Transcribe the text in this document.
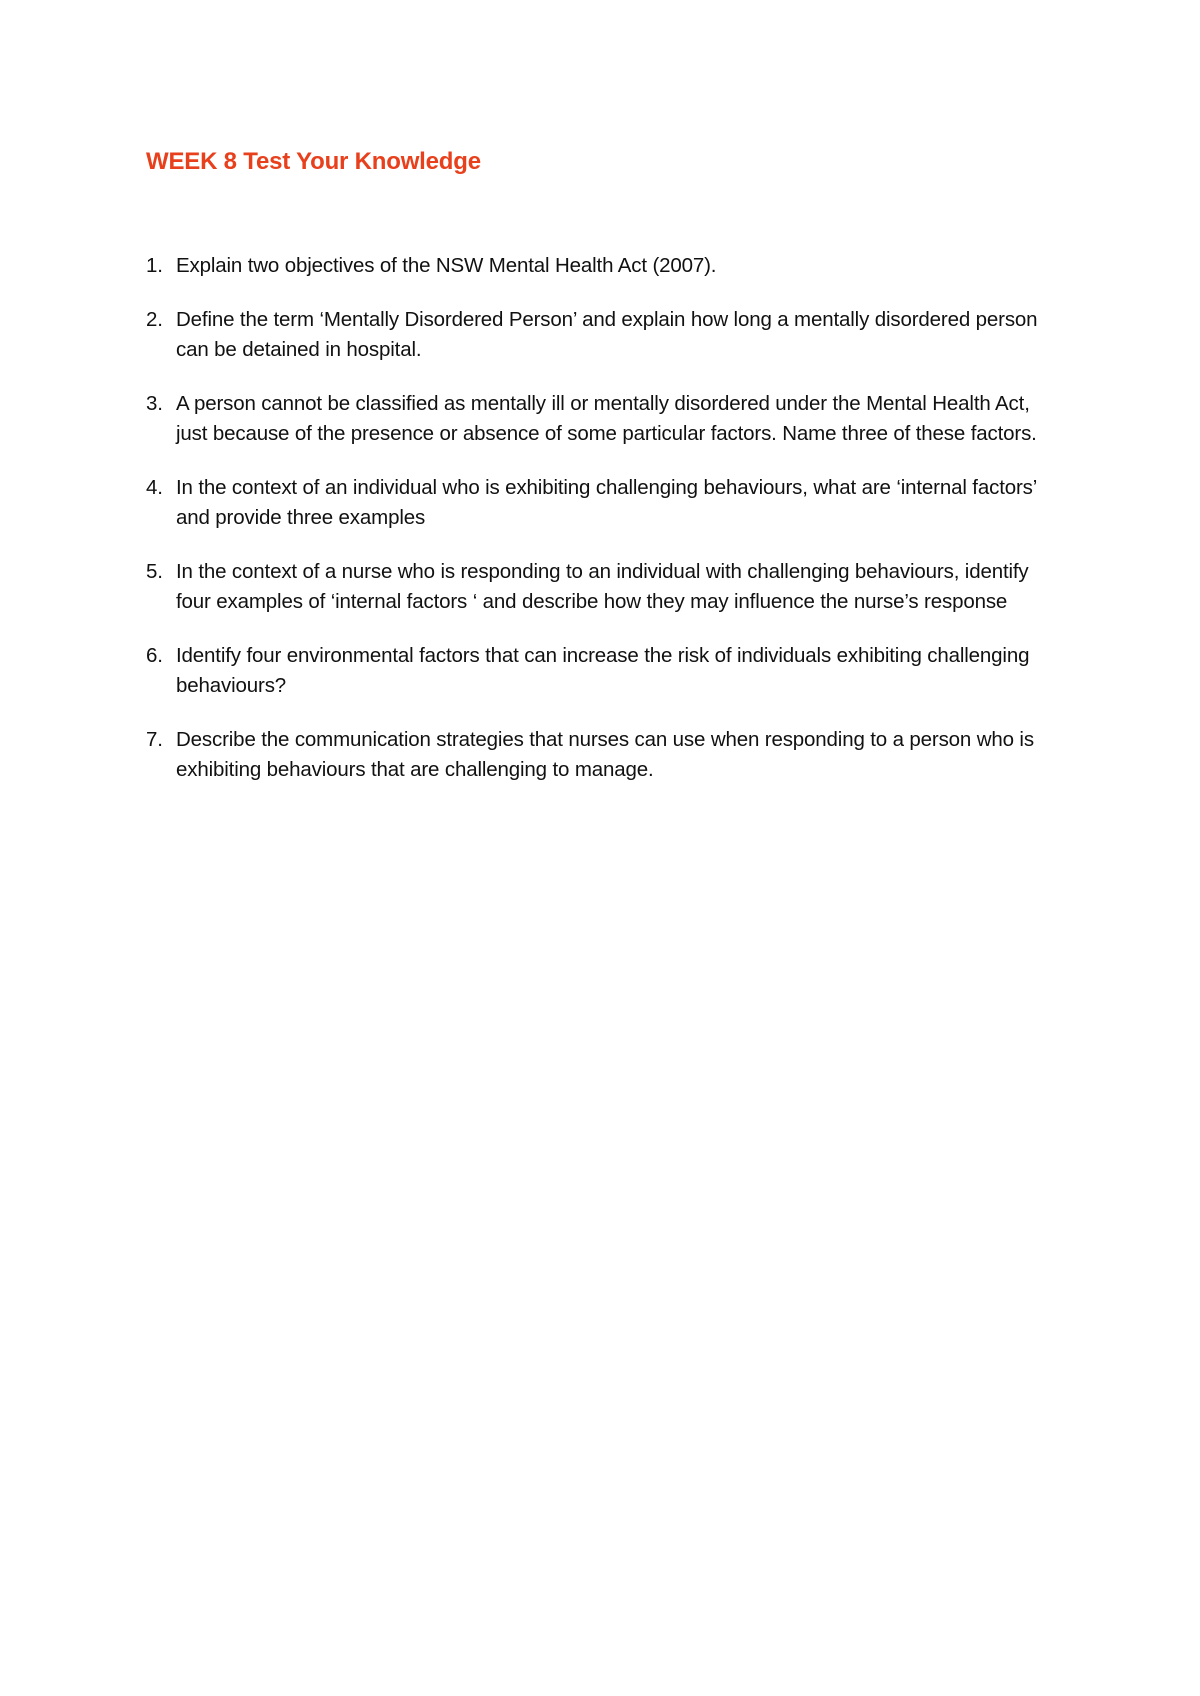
WEEK 8 Test Your Knowledge
1. Explain two objectives of the NSW Mental Health Act (2007).
2. Define the term ‘Mentally Disordered Person’ and explain how long a mentally disordered person can be detained in hospital.
3. A person cannot be classified as mentally ill or mentally disordered under the Mental Health Act, just because of the presence or absence of some particular factors. Name three of these factors.
4. In the context of an individual who is exhibiting challenging behaviours, what are ‘internal factors’ and provide three examples
5. In the context of a nurse who is responding to an individual with challenging behaviours, identify four examples of ‘internal factors ‘ and describe how they may influence the nurse’s response
6. Identify four environmental factors that can increase the risk of individuals exhibiting challenging behaviours?
7. Describe the communication strategies that nurses can use when responding to a person who is exhibiting behaviours that are challenging to manage.
